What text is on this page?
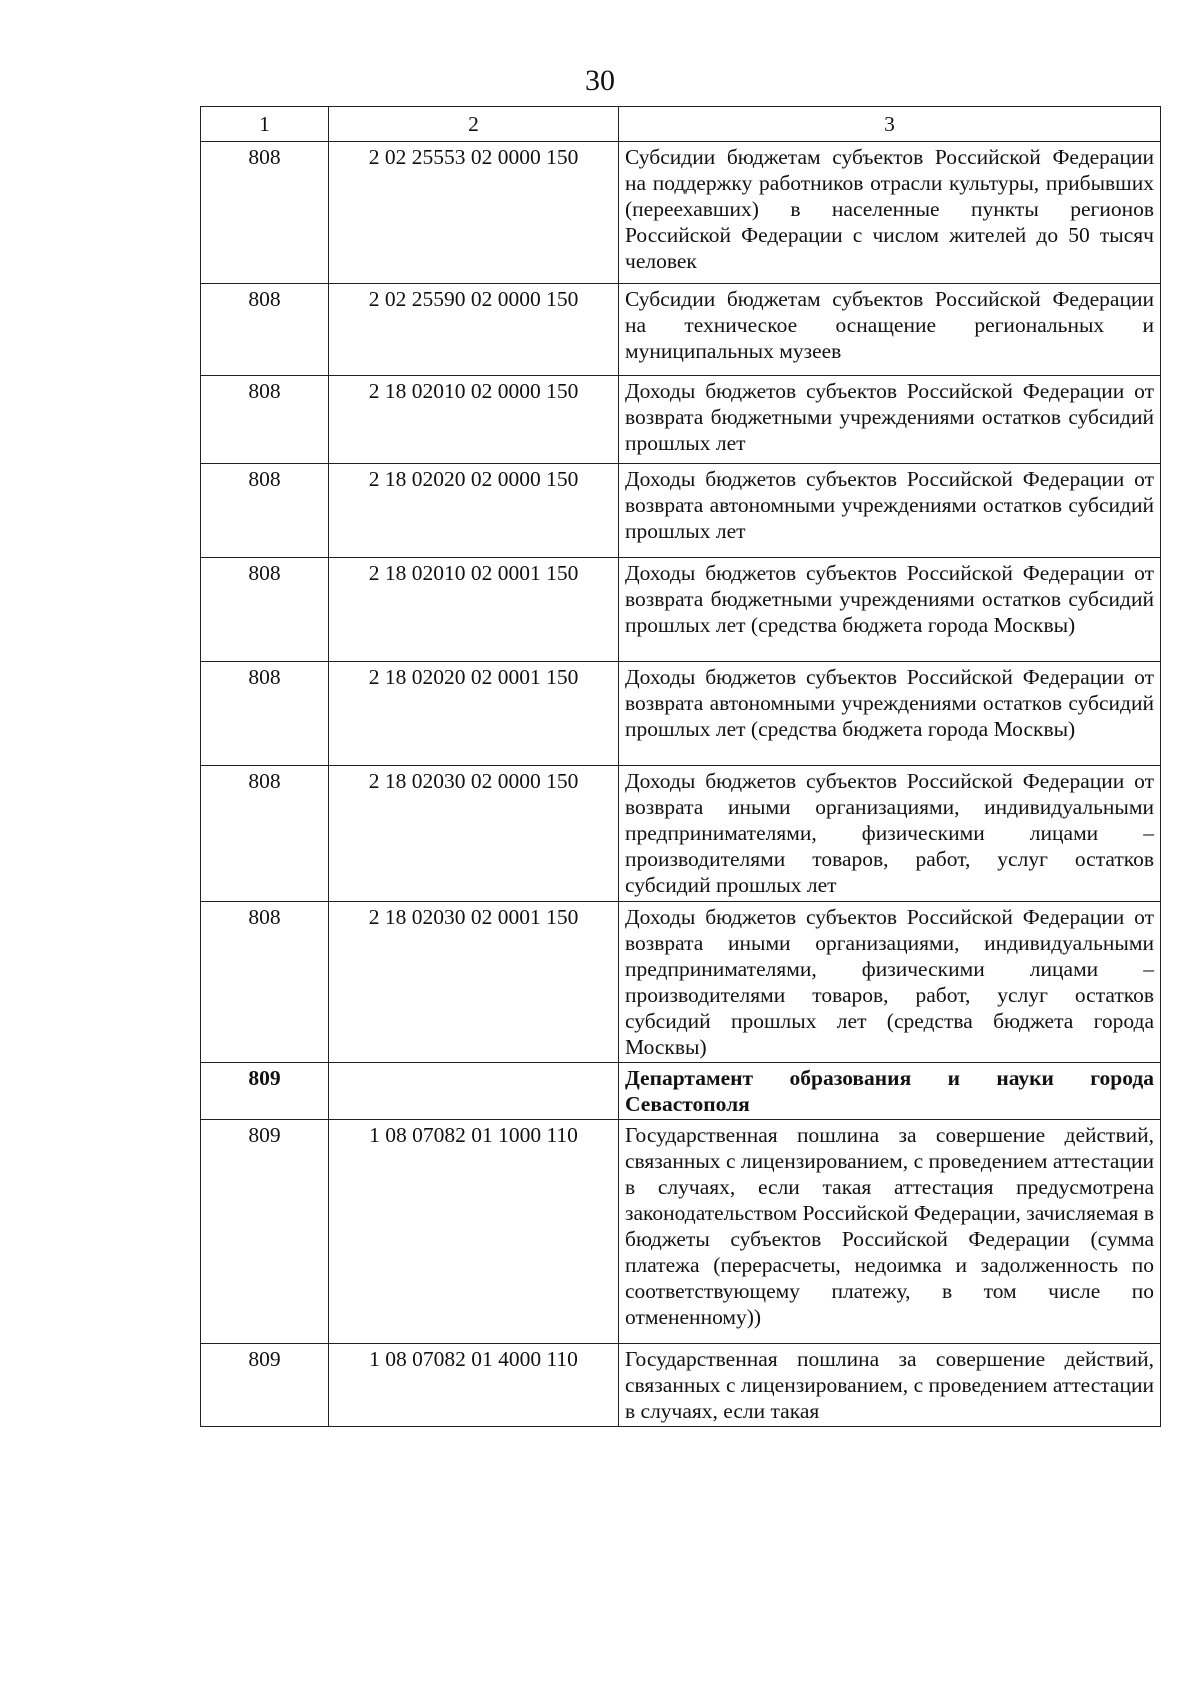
30
1	2	3
808	2 02 25553 02 0000 150	Субсидии бюджетам субъектов Российской Федерации на поддержку работников отрасли культуры, прибывших (переехавших) в населенные пункты регионов Российской Федерации с числом жителей до 50 тысяч человек
808	2 02 25590 02 0000 150	Субсидии бюджетам субъектов Российской Федерации на техническое оснащение региональных и муниципальных музеев
808	2 18 02010 02 0000 150	Доходы бюджетов субъектов Российской Федерации от возврата бюджетными учреждениями остатков субсидий прошлых лет
808	2 18 02020 02 0000 150	Доходы бюджетов субъектов Российской Федерации от возврата автономными учреждениями остатков субсидий прошлых лет
808	2 18 02010 02 0001 150	Доходы бюджетов субъектов Российской Федерации от возврата бюджетными учреждениями остатков субсидий прошлых лет (средства бюджета города Москвы)
808	2 18 02020 02 0001 150	Доходы бюджетов субъектов Российской Федерации от возврата автономными учреждениями остатков субсидий прошлых лет (средства бюджета города Москвы)
808	2 18 02030 02 0000 150	Доходы бюджетов субъектов Российской Федерации от возврата иными организациями, индивидуальными предпринимателями, физическими лицами – производителями товаров, работ, услуг остатков субсидий прошлых лет
808	2 18 02030 02 0001 150	Доходы бюджетов субъектов Российской Федерации от возврата иными организациями, индивидуальными предпринимателями, физическими лицами – производителями товаров, работ, услуг остатков субсидий прошлых лет (средства бюджета города Москвы)
809		Департамент образования и науки города Севастополя
809	1 08 07082 01 1000 110	Государственная пошлина за совершение действий, связанных с лицензированием, с проведением аттестации в случаях, если такая аттестация предусмотрена законодательством Российской Федерации, зачисляемая в бюджеты субъектов Российской Федерации (сумма платежа (перерасчеты, недоимка и задолженность по соответствующему платежу, в том числе по отмененному))
809	1 08 07082 01 4000 110	Государственная пошлина за совершение действий, связанных с лицензированием, с проведением аттестации в случаях, если такая
